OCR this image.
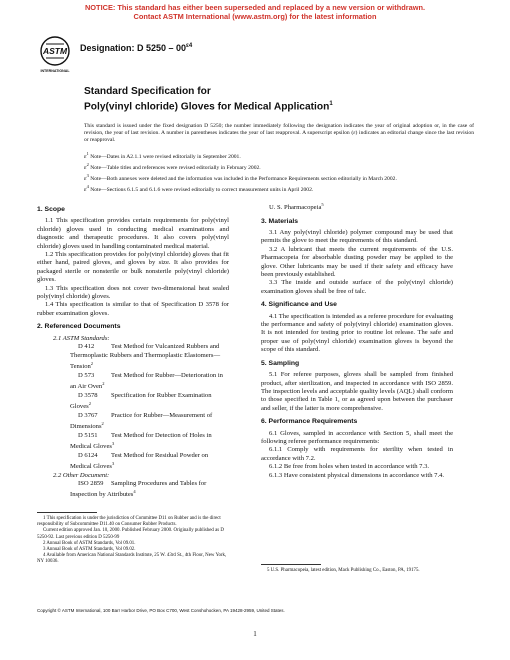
NOTICE: This standard has either been superseded and replaced by a new version or withdrawn.
Contact ASTM International (www.astm.org) for the latest information
ASTM
INTERNATIONAL
Designation: D $5250 - 00^{\varepsilon 4}$
Standard Specification for
Poly(vinyl chloride) Gloves for Medical Application$^1$
This standard is issued under the fixed designation D 5250; the number immediately following the designation indicates the year of original adoption or, in the case of revision, the year of last revision. A number in parentheses indicates the year of last reapproval. A superscript epsilon (ε) indicates an editorial change since the last revision or reapproval.

$\varepsilon^1$ Note—Dates in A2.1.1 were revised editorially in September 2001.

$\varepsilon^2$ Note—Table titles and references were revised editorially in February 2002.

$\varepsilon^3$ Note—Both annexes were deleted and the information was included in the Performance Requirements section editorially in March 2002.

$\varepsilon^4$ Note—Sections 6.1.5 and 6.1.6 were revised editorially to correct measurement units in April 2002.

1. Scope

1.1 This specification provides certain requirements for poly(vinyl chloride) gloves used in conducting medical examinations and diagnostic and therapeutic procedures. It also covers poly(vinyl chloride) gloves used in handling contaminated medical material.

1.2 This specification provides for poly(vinyl chloride) gloves that fit either hand, paired gloves, and gloves by size. It also provides for packaged sterile or nonsterile or bulk nonsterile poly(vinyl chloride) gloves.

1.3 This specification does not cover two-dimensional heat sealed poly(vinyl chloride) gloves.

1.4 This specification is similar to that of Specification D 3578 for rubber examination gloves.

2. Referenced Documents

2.1 ASTM Standards:

D 412	Test Method for Vulcanized Rubbers and Thermoplastic Rubbers and Thermoplastic Elastomers—Tension$^2$

D 573	Test Method for Rubber—Deterioration in an Air Oven$^2$

D 3578 Specification for Rubber Examination Gloves$^2$

D 3767 Practice for Rubber—Measurement of Dimensions$^2$

D 5151 Test Method for Detection of Holes in Medical Gloves$^3$

D 6124 Test Method for Residual Powder on Medical Gloves$^3$

2.2 Other Document:

ISO 2859 Sampling Procedures and Tables for Inspection by Attributes$^4$

1 This specification is under the jurisdiction of Committee D11 on Rubber and is the direct responsibility of Subcommittee D11.40 on Consumer Rubber Products.

Current edition approved Jan. 10, 2000. Published February 2000. Originally published as D 5250-92. Last previous edition D 5250-99

2 Annual Book of ASTM Standards, Vol 09.01.

3 Annual Book of ASTM Standards, Vol 09.02.

4 Available from American National Standards Institute, 25 W. 43rd St., 4th Floor, New York, NY 10036.

U. S. Pharmacopeia$^5$

3. Materials

3.1 Any poly(vinyl chloride) polymer compound may be used that permits the glove to meet the requirements of this standard.

3.2 A lubricant that meets the current requirements of the U.S. Pharmacopeia for absorbable dusting powder may be applied to the glove. Other lubricants may be used if their safety and efficacy have been previously established.

3.3 The inside and outside surface of the poly(vinyl chloride) examination gloves shall be free of talc.

4. Significance and Use

4.1 The specification is intended as a referee procedure for evaluating the performance and safety of poly(vinyl chloride) examination gloves. It is not intended for testing prior to routine lot release. The safe and proper use of poly(vinyl chloride) examination gloves is beyond the scope of this standard.

5. Sampling

5.1 For referee purposes, gloves shall be sampled from finished product, after sterilization, and inspected in accordance with ISO 2859. The inspection levels and acceptable quality levels (AQL) shall conform to those specified in Table 1, or as agreed upon between the purchaser and seller, if the latter is more comprehensive.

6. Performance Requirements

6.1 Gloves, sampled in accordance with Section 5, shall meet the following referee performance requirements:

6.1.1 Comply with requirements for sterility when tested in accordance with 7.2.

6.1.2 Be free from holes when tested in accordance with 7.3.

6.1.3 Have consistent physical dimensions in accordance with 7.4.

5 U.S. Pharmacopeia, latest edition, Mack Publishing Co., Easton, PA, 19175.

Copyright © ASTM International, 100 Barr Harbor Drive, PO Box C700, West Conshohocken, PA 19428-2959, United States.
1
